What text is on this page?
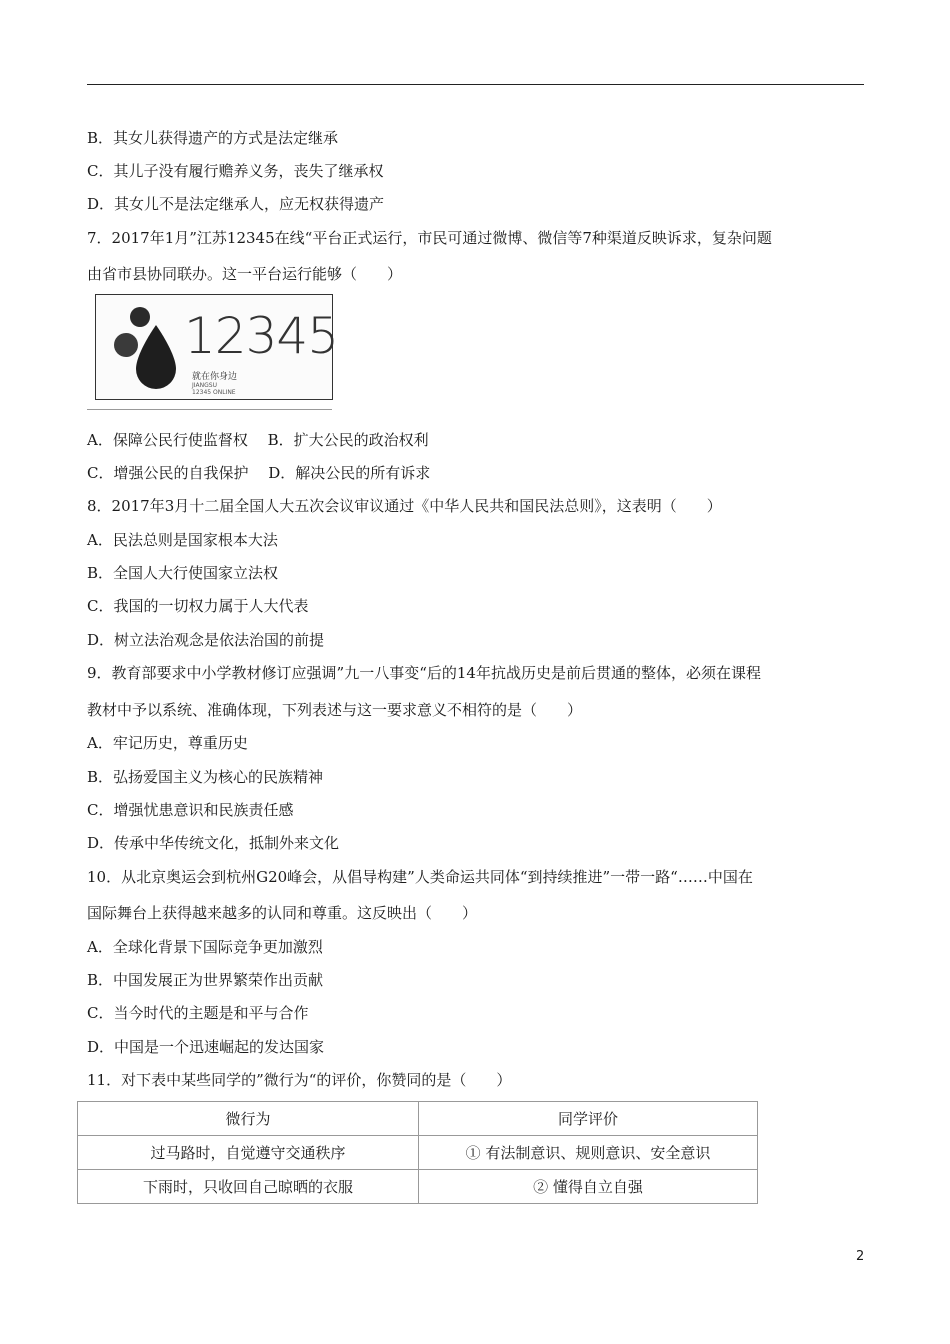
B．其女儿获得遗产的方式是法定继承
C．其儿子没有履行赡养义务，丧失了继承权
D．其女儿不是法定继承人，应无权获得遗产
7．2017年1月”江苏12345在线“平台正式运行，市民可通过微博、微信等7种渠道反映诉求，复杂问题
由省市县协同联办。这一平台运行能够（　　）
12345
就在你身边
JIANGSU
12345 ONLINE
A．保障公民行使监督权　 B．扩大公民的政治权利
C．增强公民的自我保护　 D．解决公民的所有诉求
8．2017年3月十二届全国人大五次会议审议通过《中华人民共和国民法总则》，这表明（　　）
A．民法总则是国家根本大法
B．全国人大行使国家立法权
C．我国的一切权力属于人大代表
D．树立法治观念是依法治国的前提
9．教育部要求中小学教材修订应强调”九一八事变“后的14年抗战历史是前后贯通的整体，必须在课程
教材中予以系统、准确体现，下列表述与这一要求意义不相符的是（　　）
A．牢记历史，尊重历史
B．弘扬爱国主义为核心的民族精神
C．增强忧患意识和民族责任感
D．传承中华传统文化，抵制外来文化
10．从北京奥运会到杭州G20峰会，从倡导构建”人类命运共同体“到持续推进”一带一路“……中国在
国际舞台上获得越来越多的认同和尊重。这反映出（　　）
A．全球化背景下国际竞争更加激烈
B．中国发展正为世界繁荣作出贡献
C．当今时代的主题是和平与合作
D．中国是一个迅速崛起的发达国家
11．对下表中某些同学的”微行为“的评价，你赞同的是（　　）
微行为	同学评价
过马路时，自觉遵守交通秩序	① 有法制意识、规则意识、安全意识
下雨时，只收回自己晾晒的衣服	② 懂得自立自强
2
